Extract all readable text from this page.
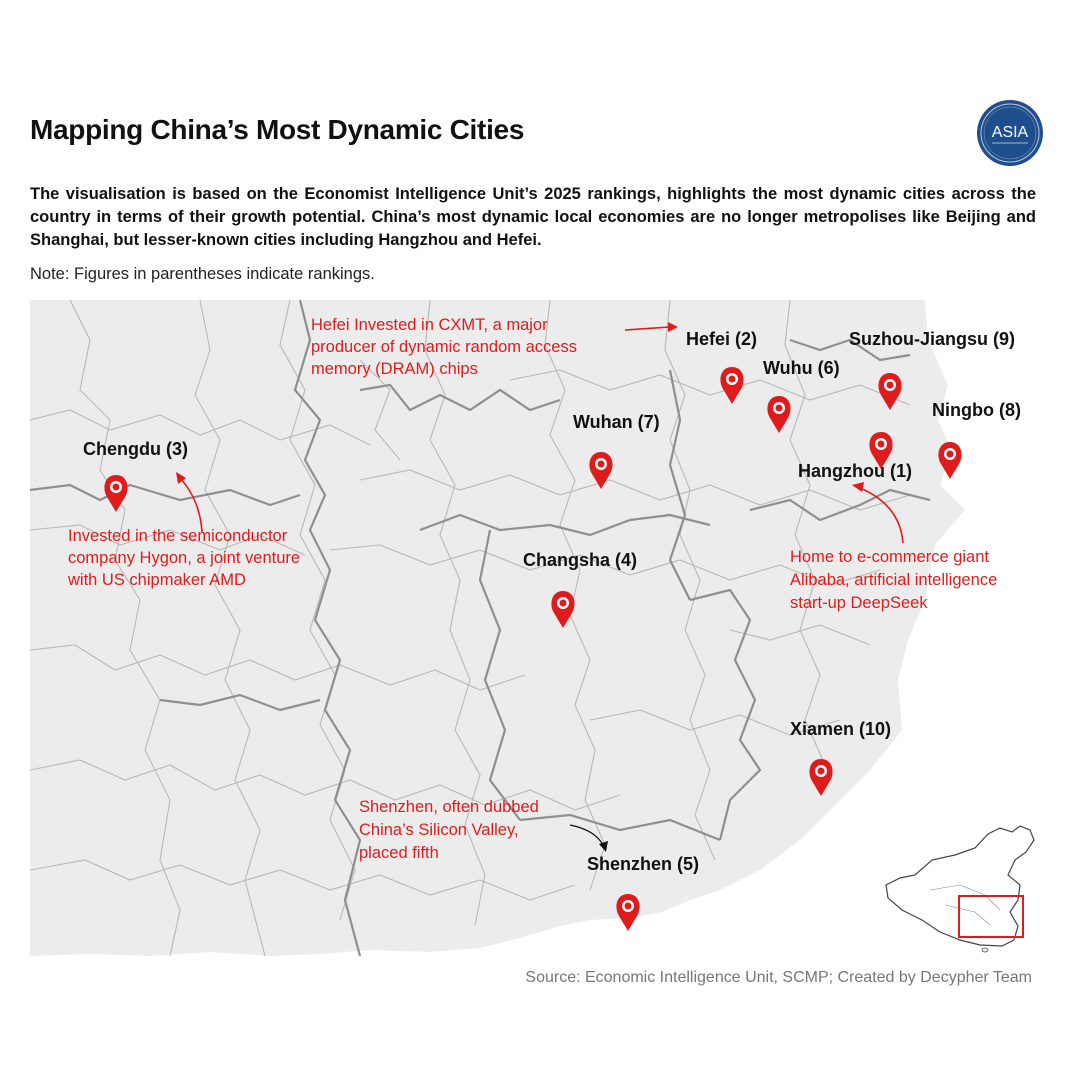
Mapping China’s Most Dynamic Cities	ASIA
The visualisation is based on the Economist Intelligence Unit’s 2025 rankings, highlights the most dynamic cities across the country in terms of their growth potential. China’s most dynamic local economies are no longer metropolises like Beijing and Shanghai, but lesser-known cities including Hangzhou and Hefei.
Note: Figures in parentheses indicate rankings.
Hefei (2)
Wuhu (6)
Suzhou-Jiangsu (9)
Ningbo (8)
Hangzhou (1)
Wuhan (7)
Chengdu (3)
Changsha (4)
Xiamen (10)
Shenzhen (5)
Hefei Invested in CXMT, a major
producer of dynamic random access
memory (DRAM) chips
Invested in the semiconductor
company Hygon, a joint venture
with US chipmaker AMD
Home to e-commerce giant
Alibaba, artificial intelligence
start-up DeepSeek
Shenzhen, often dubbed
China’s Silicon Valley,
placed fifth
Source: Economic Intelligence Unit, SCMP; Created by Decypher Team
